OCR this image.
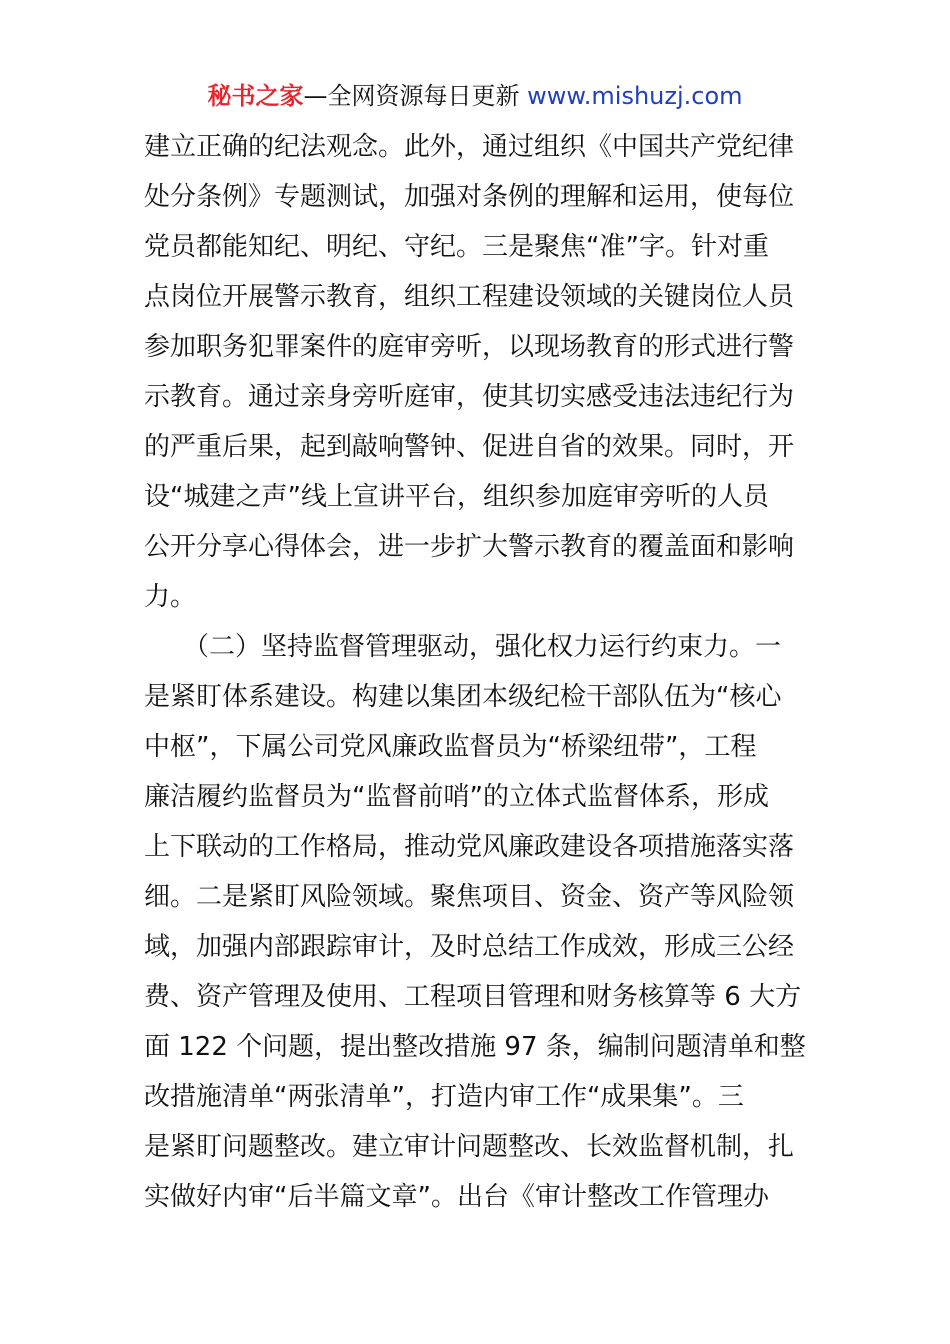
秘书之家—全网资源每日更新 www.mishuzj.com
建立正确的纪法观念。此外，通过组织《中国共产党纪律
处分条例》专题测试，加强对条例的理解和运用，使每位
党员都能知纪、明纪、守纪。三是聚焦“准”字。针对重
点岗位开展警示教育，组织工程建设领域的关键岗位人员
参加职务犯罪案件的庭审旁听，以现场教育的形式进行警
示教育。通过亲身旁听庭审，使其切实感受违法违纪行为
的严重后果，起到敲响警钟、促进自省的效果。同时，开
设“城建之声”线上宣讲平台，组织参加庭审旁听的人员
公开分享心得体会，进一步扩大警示教育的覆盖面和影响
力。
　　（二）坚持监督管理驱动，强化权力运行约束力。一
是紧盯体系建设。构建以集团本级纪检干部队伍为“核心
中枢”，下属公司党风廉政监督员为“桥梁纽带”，工程
廉洁履约监督员为“监督前哨”的立体式监督体系，形成
上下联动的工作格局，推动党风廉政建设各项措施落实落
细。二是紧盯风险领域。聚焦项目、资金、资产等风险领
域，加强内部跟踪审计，及时总结工作成效，形成三公经
费、资产管理及使用、工程项目管理和财务核算等 6 大方
面 122 个问题，提出整改措施 97 条，编制问题清单和整
改措施清单“两张清单”，打造内审工作“成果集”。三
是紧盯问题整改。建立审计问题整改、长效监督机制，扎
实做好内审“后半篇文章”。出台《审计整改工作管理办
